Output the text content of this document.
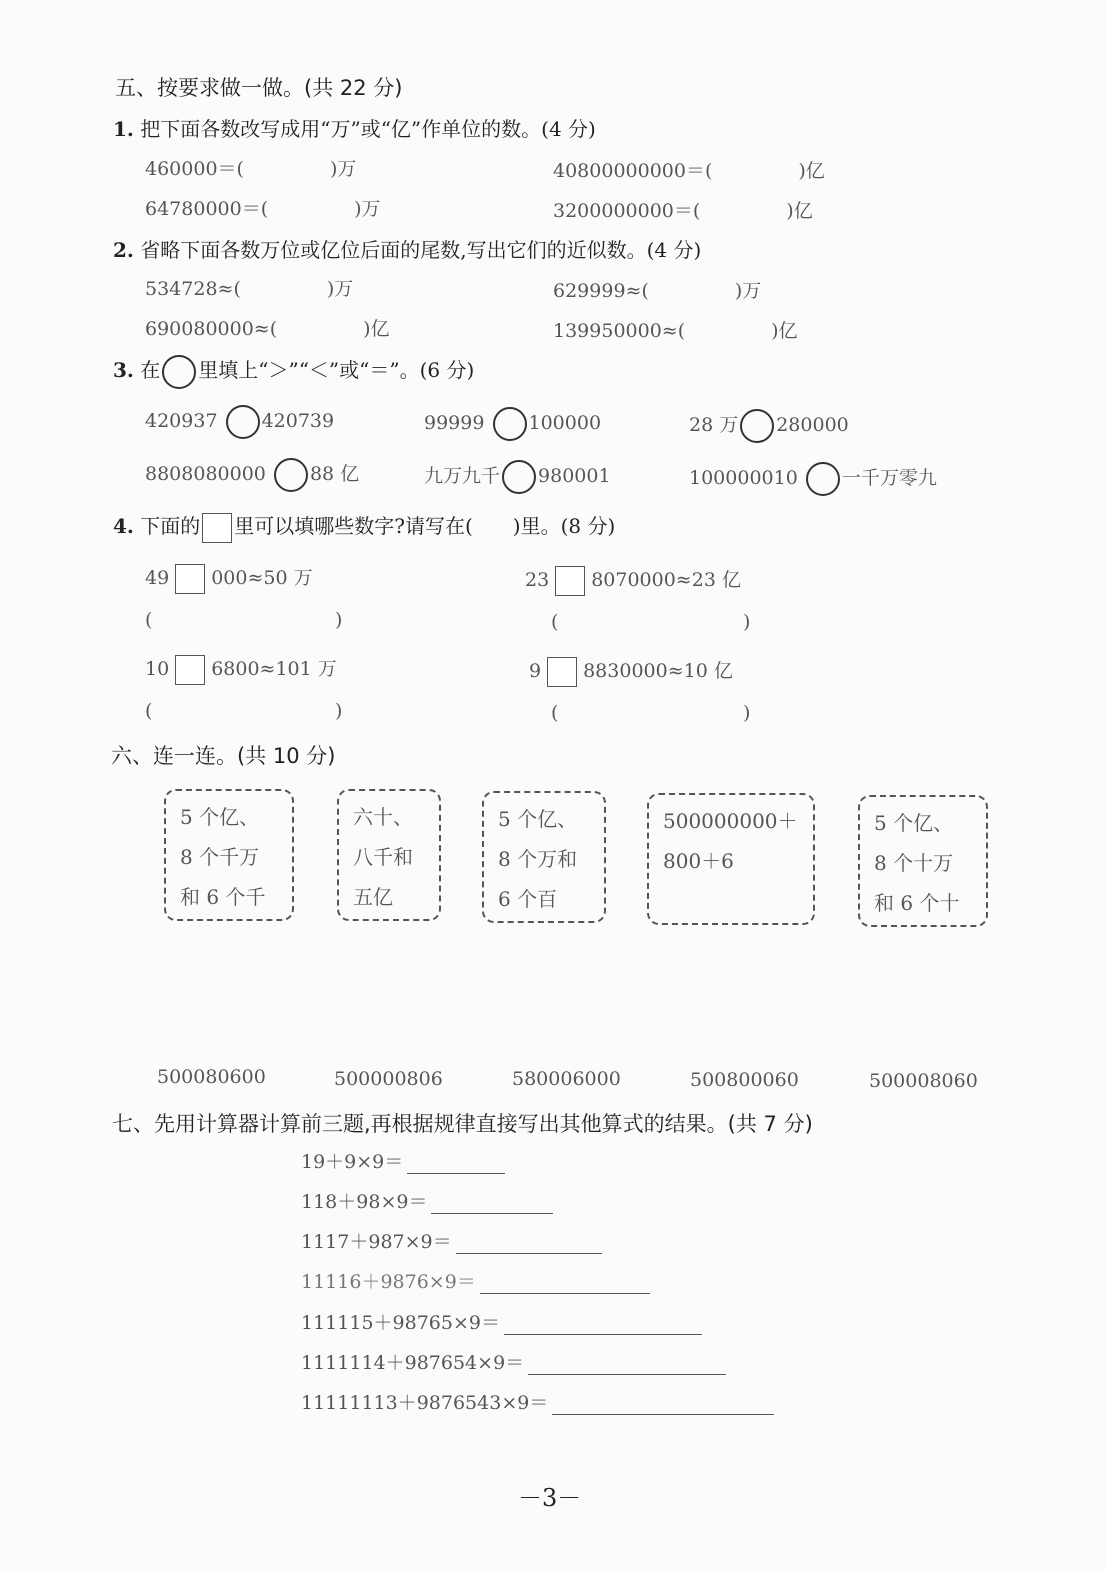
五、按要求做一做。(共 22 分)
1. 把下面各数改写成用“万”或“亿”作单位的数。(4 分)
460000＝(	)万	40800000000＝(	)亿
64780000＝(	)万	3200000000＝(	)亿
2. 省略下面各数万位或亿位后面的尾数,写出它们的近似数。(4 分)
534728≈(	)万	629999≈(	)万
690080000≈(	)亿	139950000≈(	)亿
3. 在 里填上“＞”“＜”或“＝”。(6 分)
420937 420739	99999 100000	28 万 280000
8808080000 88 亿	九万九千 980001	100000010 一千万零九
4. 下面的 里可以填哪些数字?请写在( )里。(8 分)
49 000≈50 万	23 8070000≈23 亿
(	)	(	)
10 6800≈101 万	9 8830000≈10 亿
(	)	(	)
六、连一连。(共 10 分)
5 个亿、
8 个千万
和 6 个千
六十、
八千和
五亿
5 个亿、
8 个万和
6 个百
500000000＋
800＋6
5 个亿、
8 个十万
和 6 个十
500080600	500000806	580006000	500800060	500008060
七、先用计算器计算前三题,再根据规律直接写出其他算式的结果。(共 7 分)
19＋9×9＝
118＋98×9＝
1117＋987×9＝
11116＋9876×9＝
111115＋98765×9＝
1111114＋987654×9＝
11111113＋9876543×9＝
－3－
